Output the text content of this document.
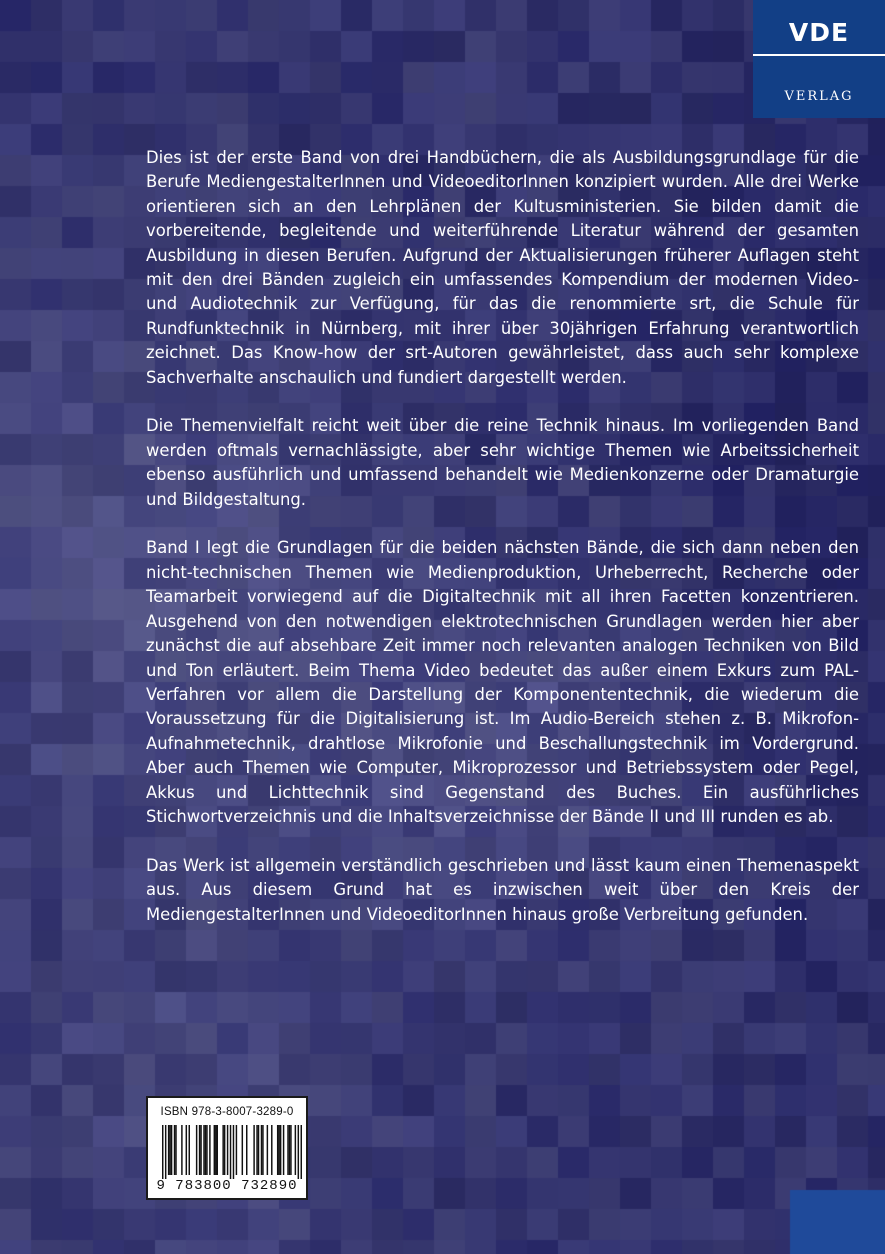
VDE
VERLAG

Dies ist der erste Band von drei Handbüchern, die als Ausbildungsgrundlage für die Berufe MediengestalterInnen und VideoeditorInnen konzipiert wurden. Alle drei Werke orientieren sich an den Lehrplänen der Kultusministerien. Sie bilden damit die vorbereitende, begleitende und weiterführende Literatur während der gesamten Ausbildung in diesen Berufen. Aufgrund der Aktualisierungen früherer Auflagen steht mit den drei Bänden zugleich ein umfassendes Kompendium der modernen Video- und Audiotechnik zur Verfügung, für das die renommierte srt, die Schule für Rundfunktechnik in Nürnberg, mit ihrer über 30jährigen Erfahrung verantwortlich zeichnet. Das Know-how der srt-Autoren gewährleistet, dass auch sehr komplexe Sachverhalte anschaulich und fundiert dargestellt werden.

Die Themenvielfalt reicht weit über die reine Technik hinaus. Im vorliegenden Band werden oftmals vernachlässigte, aber sehr wichtige Themen wie Arbeitssicherheit ebenso ausführlich und umfassend behandelt wie Medienkonzerne oder Dramaturgie und Bildgestaltung.

Band I legt die Grundlagen für die beiden nächsten Bände, die sich dann neben den nicht-technischen Themen wie Medienproduktion, Urheberrecht, Recherche oder Teamarbeit vorwiegend auf die Digitaltechnik mit all ihren Facetten konzentrieren. Ausgehend von den notwendigen elektrotechnischen Grundlagen werden hier aber zunächst die auf absehbare Zeit immer noch relevanten analogen Techniken von Bild und Ton erläutert. Beim Thema Video bedeutet das außer einem Exkurs zum PAL-Verfahren vor allem die Darstellung der Komponententechnik, die wiederum die Voraussetzung für die Digitalisierung ist. Im Audio-Bereich stehen z. B. Mikrofon-Aufnahmetechnik, drahtlose Mikrofonie und Beschallungstechnik im Vordergrund. Aber auch Themen wie Computer, Mikroprozessor und Betriebssystem oder Pegel, Akkus und Lichttechnik sind Gegenstand des Buches. Ein ausführliches Stichwortverzeichnis und die Inhaltsverzeichnisse der Bände II und III runden es ab.

Das Werk ist allgemein verständlich geschrieben und lässt kaum einen Themenaspekt aus. Aus diesem Grund hat es inzwischen weit über den Kreis der MediengestalterInnen und VideoeditorInnen hinaus große Verbreitung gefunden.

ISBN 978-3-8007-3289-0
9 783800 732890
